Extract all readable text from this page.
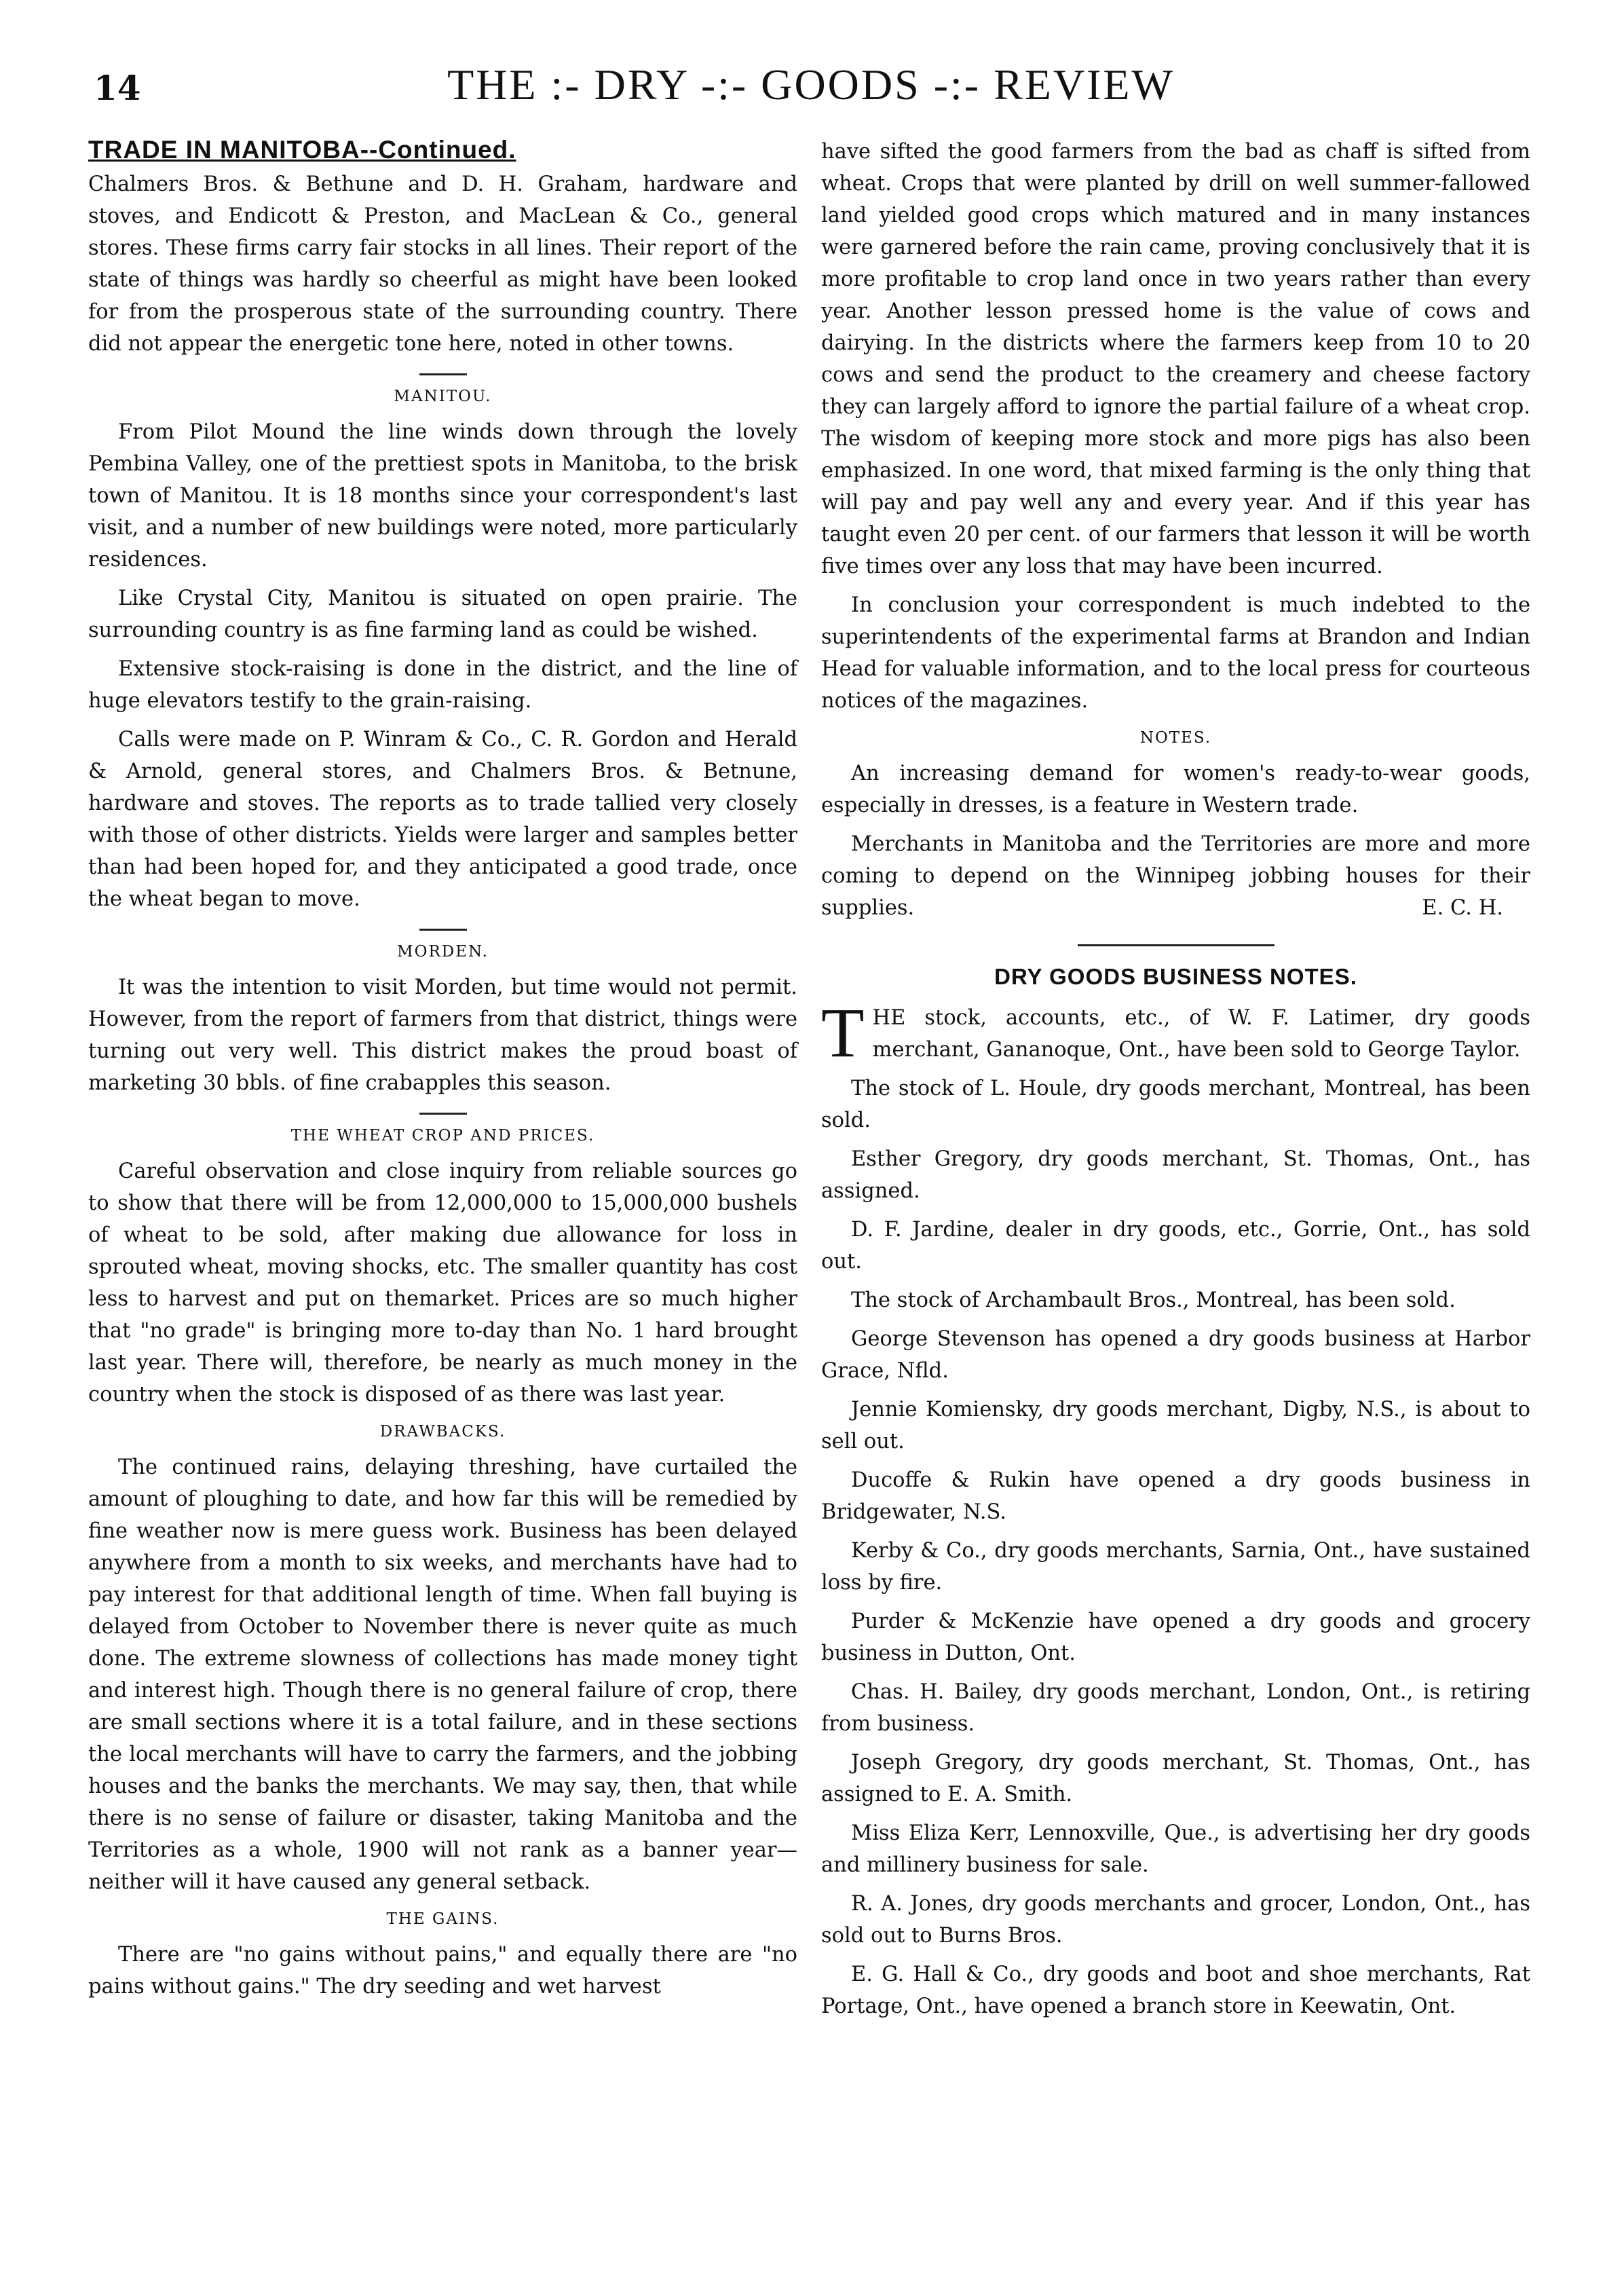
14	THE :- DRY -:- GOODS -:- REVIEW
TRADE IN MANITOBA--Continued.

Chalmers Bros. & Bethune and D. H. Graham, hardware and stoves, and Endicott & Preston, and MacLean & Co., general stores. These firms carry fair stocks in all lines. Their report of the state of things was hardly so cheerful as might have been looked for from the prosperous state of the surrounding country. There did not appear the energetic tone here, noted in other towns.

MANITOU.

From Pilot Mound the line winds down through the lovely Pembina Valley, one of the prettiest spots in Manitoba, to the brisk town of Manitou. It is 18 months since your correspondent's last visit, and a number of new buildings were noted, more particularly residences.

Like Crystal City, Manitou is situated on open prairie. The surrounding country is as fine farming land as could be wished.

Extensive stock-raising is done in the district, and the line of huge elevators testify to the grain-raising.

Calls were made on P. Winram & Co., C. R. Gordon and Herald & Arnold, general stores, and Chalmers Bros. & Betnune, hardware and stoves. The reports as to trade tallied very closely with those of other districts. Yields were larger and samples better than had been hoped for, and they anticipated a good trade, once the wheat began to move.

MORDEN.

It was the intention to visit Morden, but time would not permit. However, from the report of farmers from that district, things were turning out very well. This district makes the proud boast of marketing 30 bbls. of fine crabapples this season.

THE WHEAT CROP AND PRICES.

Careful observation and close inquiry from reliable sources go to show that there will be from 12,000,000 to 15,000,000 bushels of wheat to be sold, after making due allowance for loss in sprouted wheat, moving shocks, etc. The smaller quantity has cost less to harvest and put on themarket. Prices are so much higher that "no grade" is bringing more to-day than No. 1 hard brought last year. There will, therefore, be nearly as much money in the country when the stock is disposed of as there was last year.

DRAWBACKS.

The continued rains, delaying threshing, have curtailed the amount of ploughing to date, and how far this will be remedied by fine weather now is mere guess work. Business has been delayed anywhere from a month to six weeks, and merchants have had to pay interest for that additional length of time. When fall buying is delayed from October to November there is never quite as much done. The extreme slowness of collections has made money tight and interest high. Though there is no general failure of crop, there are small sections where it is a total failure, and in these sections the local merchants will have to carry the farmers, and the jobbing houses and the banks the merchants. We may say, then, that while there is no sense of failure or disaster, taking Manitoba and the Territories as a whole, 1900 will not rank as a banner year—neither will it have caused any general setback.

THE GAINS.

There are "no gains without pains," and equally there are "no pains without gains." The dry seeding and wet harvest

have sifted the good farmers from the bad as chaff is sifted from wheat. Crops that were planted by drill on well summer-fallowed land yielded good crops which matured and in many instances were garnered before the rain came, proving conclusively that it is more profitable to crop land once in two years rather than every year. Another lesson pressed home is the value of cows and dairying. In the districts where the farmers keep from 10 to 20 cows and send the product to the creamery and cheese factory they can largely afford to ignore the partial failure of a wheat crop. The wisdom of keeping more stock and more pigs has also been emphasized. In one word, that mixed farming is the only thing that will pay and pay well any and every year. And if this year has taught even 20 per cent. of our farmers that lesson it will be worth five times over any loss that may have been incurred.

In conclusion your correspondent is much indebted to the superintendents of the experimental farms at Brandon and Indian Head for valuable information, and to the local press for courteous notices of the magazines.

NOTES.

An increasing demand for women's ready-to-wear goods, especially in dresses, is a feature in Western trade.

Merchants in Manitoba and the Territories are more and more coming to depend on the Winnipeg jobbing houses for their supplies.	E. C. H.

DRY GOODS BUSINESS NOTES.

THE stock, accounts, etc., of W. F. Latimer, dry goods merchant, Gananoque, Ont., have been sold to George Taylor.

The stock of L. Houle, dry goods merchant, Montreal, has been sold.

Esther Gregory, dry goods merchant, St. Thomas, Ont., has assigned.

D. F. Jardine, dealer in dry goods, etc., Gorrie, Ont., has sold out.

The stock of Archambault Bros., Montreal, has been sold.

George Stevenson has opened a dry goods business at Harbor Grace, Nfld.

Jennie Komiensky, dry goods merchant, Digby, N.S., is about to sell out.

Ducoffe & Rukin have opened a dry goods business in Bridgewater, N.S.

Kerby & Co., dry goods merchants, Sarnia, Ont., have sustained loss by fire.

Purder & McKenzie have opened a dry goods and grocery business in Dutton, Ont.

Chas. H. Bailey, dry goods merchant, London, Ont., is retiring from business.

Joseph Gregory, dry goods merchant, St. Thomas, Ont., has assigned to E. A. Smith.

Miss Eliza Kerr, Lennoxville, Que., is advertising her dry goods and millinery business for sale.

R. A. Jones, dry goods merchants and grocer, London, Ont., has sold out to Burns Bros.

E. G. Hall & Co., dry goods and boot and shoe merchants, Rat Portage, Ont., have opened a branch store in Keewatin, Ont.
